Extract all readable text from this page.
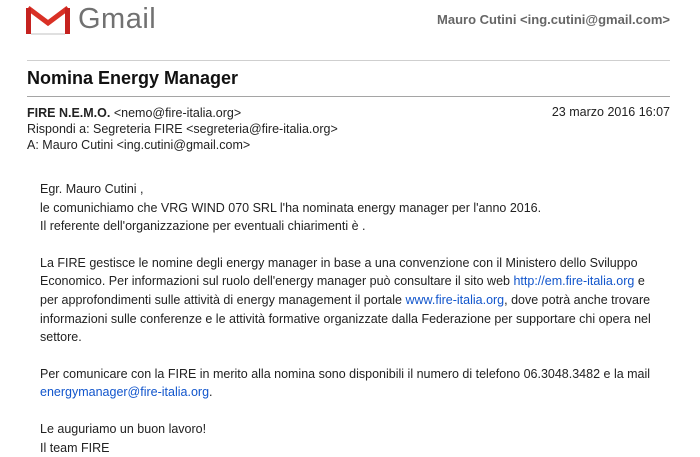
Gmail	Mauro Cutini <ing.cutini@gmail.com>
Nomina Energy Manager
FIRE N.E.M.O. <nemo@fire-italia.org>
Rispondi a: Segreteria FIRE <segreteria@fire-italia.org>
A: Mauro Cutini <ing.cutini@gmail.com>
23 marzo 2016 16:07

Egr. Mauro Cutini ,

le comunichiamo che VRG WIND 070 SRL l'ha nominata energy manager per l'anno 2016.

Il referente dell'organizzazione per eventuali chiarimenti è .

La FIRE gestisce le nomine degli energy manager in base a una convenzione con il Ministero dello Sviluppo

Economico. Per informazioni sul ruolo dell'energy manager può consultare il sito web http://em.fire-italia.org e

per approfondimenti sulle attività di energy management il portale www.fire-italia.org, dove potrà anche trovare

informazioni sulle conferenze e le attività formative organizzate dalla Federazione per supportare chi opera nel

settore.

Per comunicare con la FIRE in merito alla nomina sono disponibili il numero di telefono 06.3048.3482 e la mail

energymanager@fire-italia.org.

Le auguriamo un buon lavoro!

Il team FIRE
